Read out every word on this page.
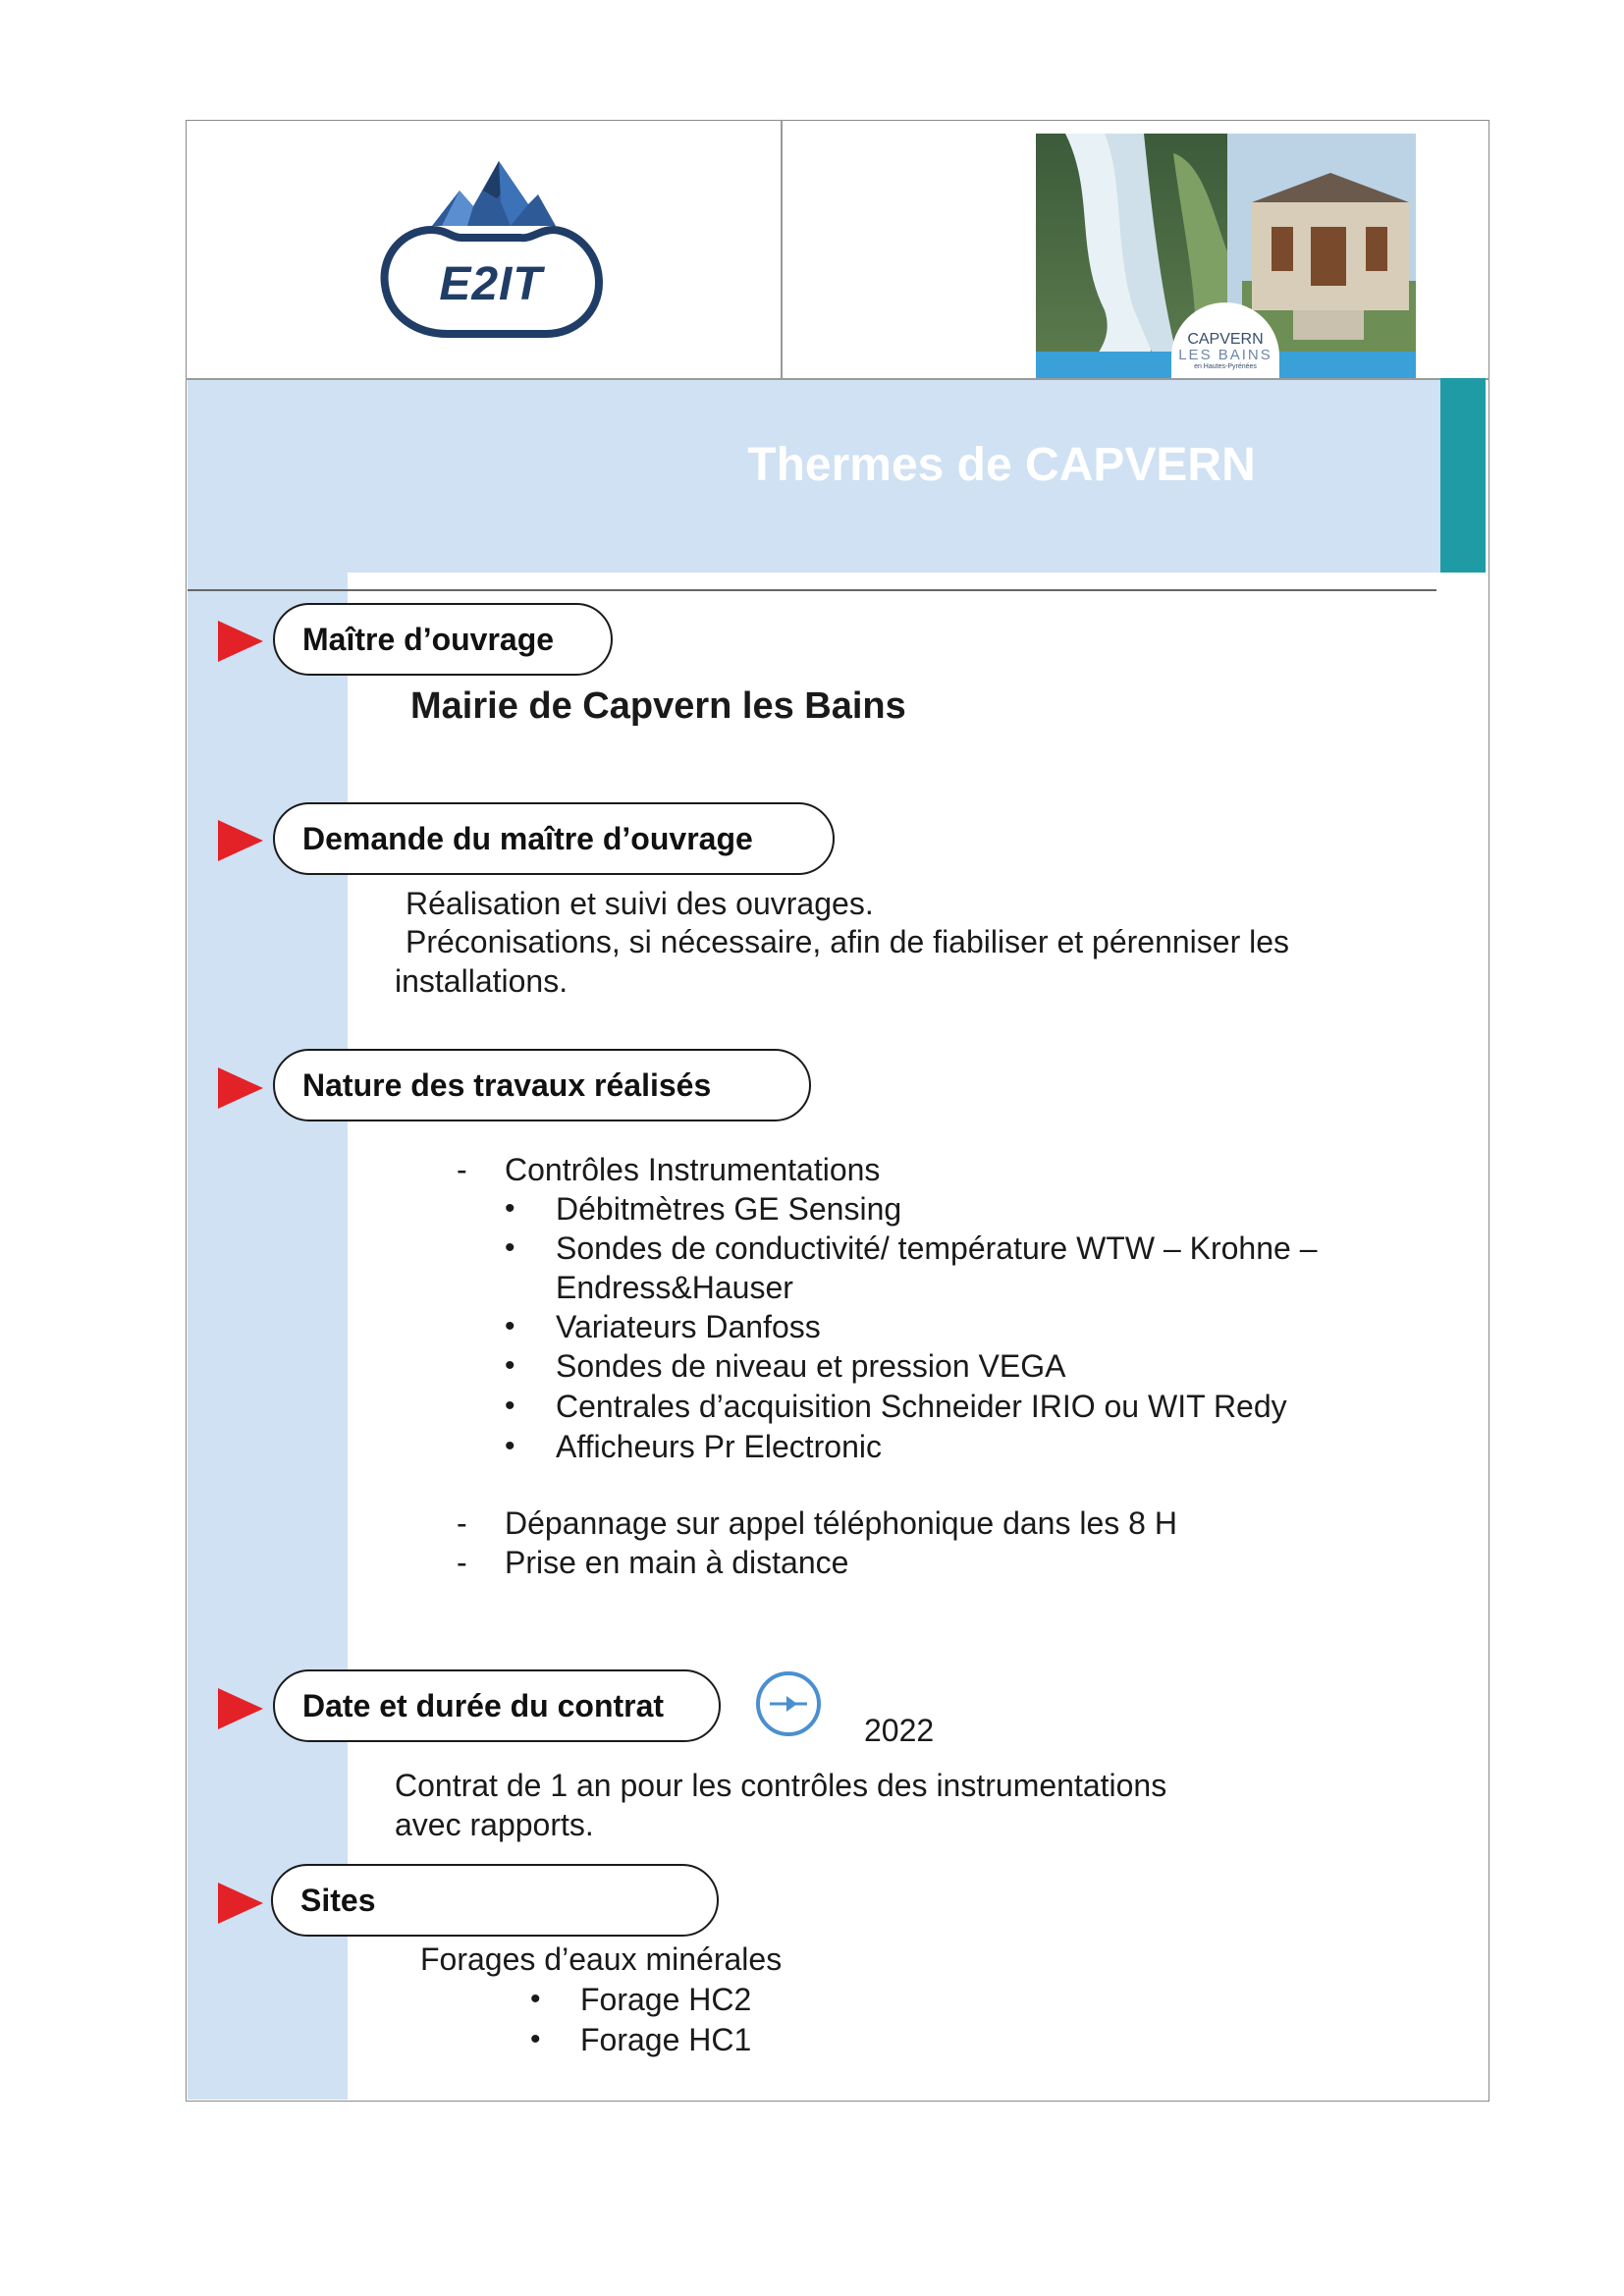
E2IT
CAPVERN
LES BAINS
en Hautes-Pyrénées
Thermes de CAPVERN
Maître d’ouvrage
Mairie de Capvern les Bains
Demande du maître d’ouvrage
Réalisation et suivi des ouvrages.
Préconisations, si nécessaire, afin de fiabiliser et pérenniser les
installations.
Nature des travaux réalisés
- Contrôles Instrumentations
• Débitmètres GE Sensing
• Sondes de conductivité/ température WTW – Krohne –
Endress&Hauser
• Variateurs Danfoss
• Sondes de niveau et pression VEGA
• Centrales d’acquisition Schneider IRIO ou WIT Redy
• Afficheurs Pr Electronic
- Dépannage sur appel téléphonique dans les 8 H
- Prise en main à distance
Date et durée du contrat
2022
Contrat de 1 an pour les contrôles des instrumentations
avec rapports.
Sites
Forages d’eaux minérales
• Forage HC2
• Forage HC1
